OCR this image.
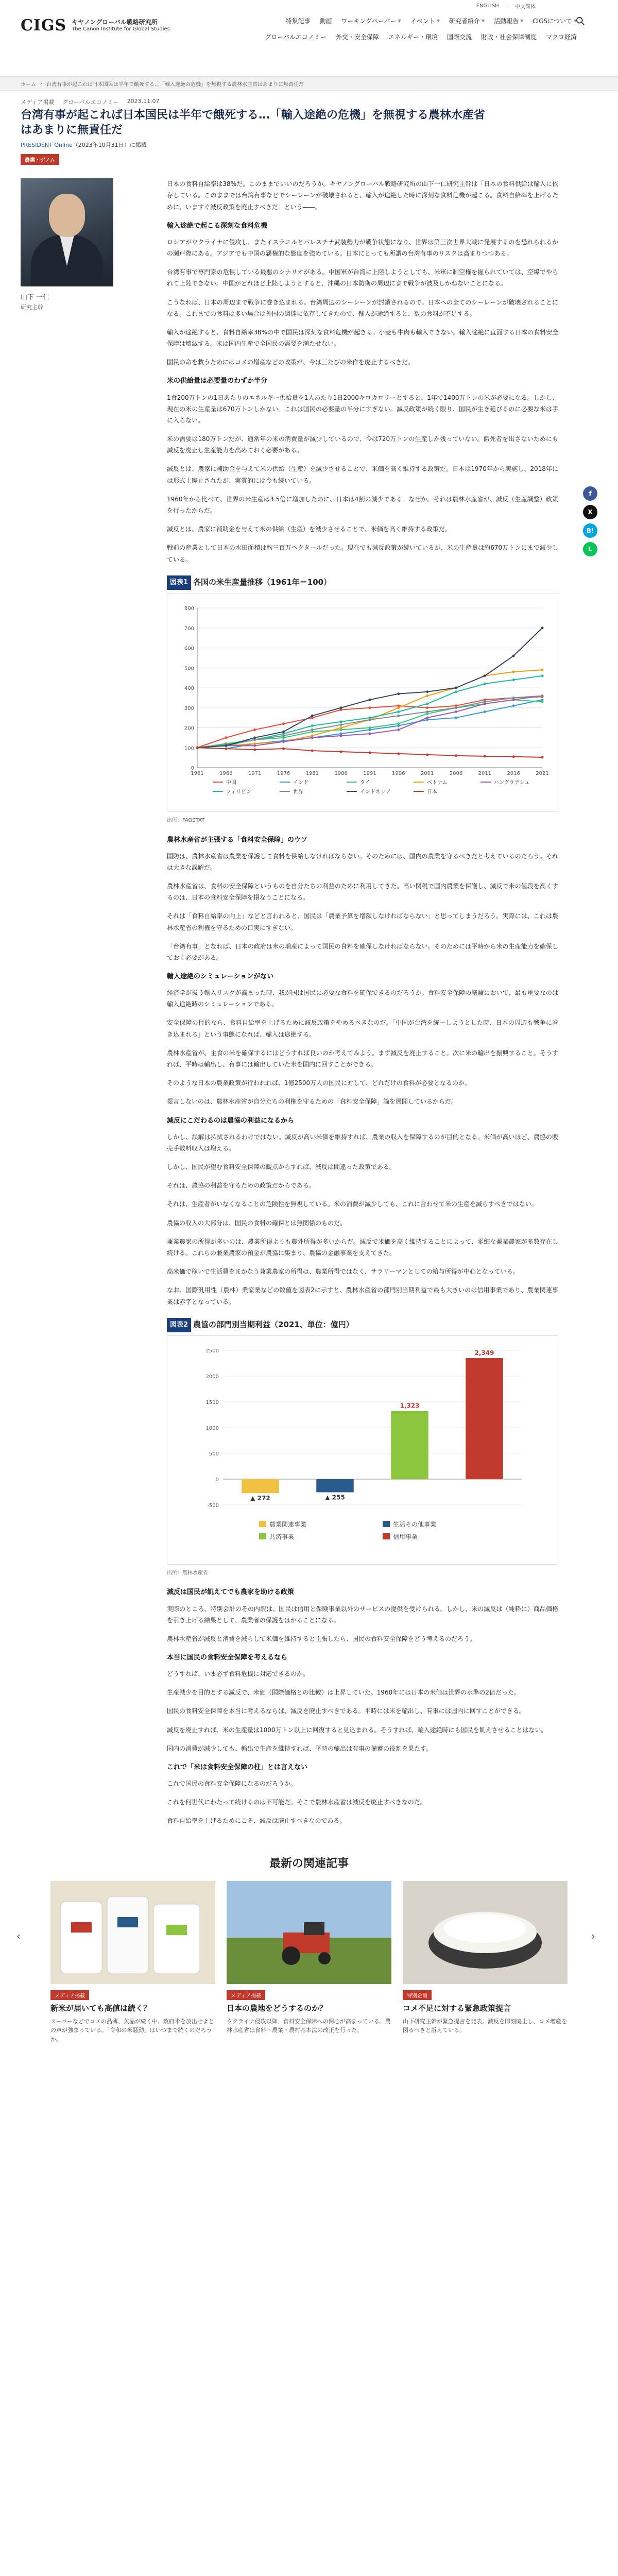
ENGLISH | 中文简体
CIGS キヤノングローバル戦略研究所
The Canon Institute for Global Studies
特集記事 動画 ワーキングペーパー ▼ イベント ▼ 研究者紹介 ▼ 活動報告 ▼ CIGSについて ▼
グローバルエコノミー 外交・安全保障 エネルギー・環境 国際交流 財政・社会保障制度 マクロ経済
ホーム › 台湾有事が起これば日本国民は半年で餓死する…「輸入途絶の危機」を無視する農林水産省はあまりに無責任だ
メディア掲載 グローバルエコノミー 2023.11.07
台湾有事が起これば日本国民は半年で餓死する…「輸入途絶の危機」を無視する農林水産省はあまりに無責任だ
PRESIDENT Online（2023年10月31日）に掲載
農業・ゲノム
山下 一仁
研究主幹

日本の食料自給率は38%だ。このままでいいのだろうか。キヤノングローバル戦略研究所の山下一仁研究主幹は「日本の食料供給は輸入に依存している。このままでは台湾有事などでシーレーンが破壊されると、輸入が途絶した時に深刻な食料危機が起こる。食料自給率を上げるために、いますぐ減反政策を廃止すべきだ」という――。

輸入途絶で起こる深刻な食料危機

ロシアがウクライナに侵攻し、またイスラエルとパレスチナ武装勢力が戦争状態になり、世界は第三次世界大戦に発展するのを恐れられるかの瀬戸際にある。アジアでも中国の覇権的な態度を強めている。日本にとっても所謂の台湾有事のリスクは高まりつつある。

台湾有事で専門家の危惧している最悪のシナリオがある。中国軍が台湾に上陸しようとしても、米軍に制空権を握られていては、空爆でやられて上陸できない。中国がどれほど上陸しようとすると、沖縄の日本防衛の周辺にまで戦争が波及しかねないことになる。

こうなれば、日本の周辺まで戦争に巻き込まれる。台湾周辺のシーレーンが封鎖されるので、日本への全てのシーレーンが破壊されることになる。これまでの食料は多い場合は外国の調達に依存してきたので、輸入が途絶すると、数の食料が不足する。

輸入が途絶すると、食料自給率38%の中で国民は深刻な食料危機が起きる。小麦も牛肉も輸入できない。輸入途絶に直面する日本の食料安全保障は壊滅する。米は国内生産で全国民の需要を満たせない。

国民の命を救うためにはコメの増産などの政策が、今は三たびの米作を廃止するべきだ。

米の供給量は必要量のわずか半分

1食200万トンの1日あたりのエネルギー供給量を1人あたり1日2000キロカロリーとすると、1年で1400万トンの米が必要になる。しかし、現在の米の生産量は670万トンしかない。これは国民の必要量の半分にすぎない。減反政策が続く限り、国民が生き延びるのに必要な米は手に入らない。

米の需要は180万トンだが、通常年の米の消費量が減少しているので、今は720万トンの生産しか残っていない。餓死者を出さないためにも減反を廃止し生産能力を高めておく必要がある。

減反とは、農家に補助金を与えて米の供給（生産）を減少させることで、米価を高く維持する政策だ。日本は1970年から実施し、2018年には形式上廃止されたが、実質的には今も続いている。

1960年から比べて、世界の米生産は3.5倍に増加したのに、日本は4割の減少である。なぜか。それは農林水産省が、減反（生産調整）政策を行ったからだ。

減反とは、農家に補助金を与えて米の供給（生産）を減少させることで、米価を高く維持する政策だ。

戦前の産業として日本の水田面積は約三百万ヘクタールだった。現在でも減反政策が続いているが、米の生産量は約670万トンにまで減少している。

図表1 各国の米生産量推移（1961年＝100）
0
100
200
300
400
500
600
700
800
1961	1966	1971	1976	1981	1986	1991	1996	2001	2006	2011	2016	2021
中国	インド	タイ	ベトナム	バングラデシュ
フィリピン	世界	インドネシア	日本
出所：FAOSTAT
農林水産省が主張する「食料安全保障」のウソ

国防は、農林水産省は農業を保護して食料を供給しなければならない。そのためには、国内の農業を守るべきだと考えているのだろう。それは大きな誤解だ。

農林水産省は、食料の安全保障というものを自分たちの利益のために利用してきた。高い関税で国内農業を保護し、減反で米の値段を高くするのは、日本の食料安全保障を損なうことになる。

それは「食料自給率の向上」などと言われると、国民は「農業予算を増額しなければならない」と思ってしまうだろう。実際には、これは農林水産省の利権を守るための口実にすぎない。

「台湾有事」となれば、日本の政府は米の増産によって国民の食料を確保しなければならない。そのためには平時から米の生産能力を確保しておく必要がある。

輸入途絶のシミュレーションがない

経済学が扱う輸入リスクが高まった時、我が国は国民に必要な食料を確保できるのだろうか。食料安全保障の議論において、最も重要なのは輸入途絶時のシミュレーションである。

安全保障の目的なら、食料自給率を上げるために減反政策をやめるべきなのだ。「中国が台湾を統一しようとした時、日本の周辺も戦争に巻き込まれる」という事態になれば、輸入は途絶する。

農林水産省が、主食の米を確保するにはどうすれば良いのか考えてみよう。まず減反を廃止すること。次に米の輸出を振興すること。そうすれば、平時は輸出し、有事には輸出していた米を国内に回すことができる。

そのような日本の農業政策が行われれば、1億2500万人の国民に対して、どれだけの食料が必要となるのか。

提言しないのは、農林水産省が自分たちの利権を守るための「食料安全保障」論を展開しているからだ。

減反にこだわるのは農協の利益になるから

しかし、誤解は払拭されるわけではない。減反が高い米価を維持すれば、農業の収入を保障するのが目的となる。米価が高いほど、農協の販売手数料収入は増える。

しかし、国民が望む食料安全保障の観点からすれば、減反は間違った政策である。

それは、農協の利益を守るための政策だからである。

それは、生産者がいなくなることの危険性を無視している。米の消費が減少しても、これに合わせて米の生産を減らすべきではない。

農協の収入の大部分は、国民の食料の確保とは無関係のものだ。

兼業農家の所得が多いのは、農業所得よりも農外所得が多いからだ。減反で米価を高く維持することによって、零細な兼業農家が多数存在し続ける。これらの兼業農家の預金が農協に集まり、農協の金融事業を支えてきた。

高米価で稼いで生活費をまかなう兼業農家の所得は、農業所得ではなく、サラリーマンとしての給与所得が中心となっている。

なお、国際汎用性（農林）業家業などの数値を図表2に示すと、農林水産省の部門別当期利益で最も大きいのは信用事業であり、農業関連事業は赤字となっている。

図表2 農協の部門別当期利益（2021、単位：億円）
-500
0
500
1000
1500
2000
2500
▲ 272	▲ 255
1,323
2,349
農業関連事業	生活その他事業
共済事業	信用事業
出所：農林水産省
減反は国民が飢えてでも農家を助ける政策

実際のところ、特別会計のその内訳は、国民は信用と保険事業以外のサービスの提供を受けられる。しかし、米の減反は（純粋に）商品価格を引き上げる結果として、農業者の保護をはかることになる。

農林水産省が減反と消費を減らして米価を維持すると主張したら、国民の食料安全保障をどう考えるのだろう。

本当に国民の食料安全保障を考えるなら

どうすれば、いま必ず食料危機に対応できるのか。

生産減少を目的とする減反で、米価（国際価格との比較）は上昇していた。1960年には日本の米価は世界の水準の2倍だった。

国民の食料安全保障を本当に考えるならば、減反を廃止すべきである。平時には米を輸出し、有事には国内に回すことができる。

減反を廃止すれば、米の生産量は1000万トン以上に回復すると見込まれる。そうすれば、輸入途絶時にも国民を飢えさせることはない。

国内の消費が減少しても、輸出で生産を維持すれば、平時の輸出は有事の備蓄の役割を果たす。

これで「米は食料安全保障の柱」とは言えない

これで国民の食料安全保障になるのだろうか。

これを何世代にわたって続けるのは不可能だ。そこで農林水産省は減反を廃止すべきなのだ。

食料自給率を上げるためにこそ、減反は廃止すべきなのである。

f
X
B!
L
最新の関連記事
‹
メディア掲載
新米が届いても高値は続く？
スーパーなどでコメの品薄、欠品が続く中、政府米を放出せよとの声が強まっている。「令和の米騒動」はいつまで続くのだろうか。
メディア掲載
日本の農地をどうするのか？
ウクライナ侵攻以降、食料安全保障への関心が高まっている。農林水産省は食料・農業・農村基本法の改正を行った。
特別企画
コメ不足に対する緊急政策提言
山下研究主幹が緊急提言を発表。減反を即刻廃止し、コメ増産を図るべきと訴えている。
›
